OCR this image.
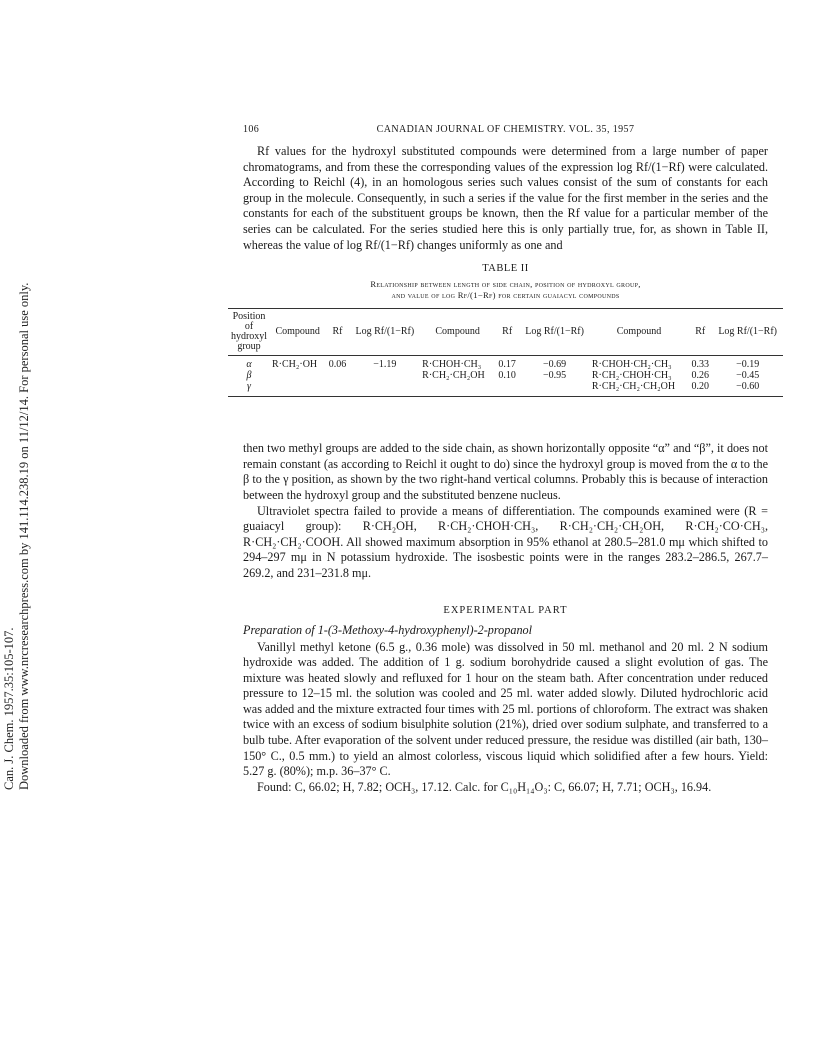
Can. J. Chem. 1957.35:105-107. Downloaded from www.nrcresearchpress.com by 141.114.238.19 on 11/12/14. For personal use only.
106	CANADIAN JOURNAL OF CHEMISTRY. VOL. 35, 1957

Rf values for the hydroxyl substituted compounds were determined from a large number of paper chromatograms, and from these the corresponding values of the expression log Rf/(1−Rf) were calculated. According to Reichl (4), in an homologous series such values consist of the sum of constants for each group in the molecule. Consequently, in such a series if the value for the first member in the series and the constants for each of the substituent groups be known, then the Rf value for a particular member of the series can be calculated. For the series studied here this is only partially true, for, as shown in Table II, whereas the value of log Rf/(1−Rf) changes uniformly as one and

TABLE II
Relationship between length of side chain, position of hydroxyl group,
and value of log Rf/(1−Rf) for certain guaiacyl compounds
Position of hydroxyl group	Compound	Rf	Log Rf/(1−Rf)	Compound	Rf	Log Rf/(1−Rf)	Compound	Rf	Log Rf/(1−Rf)
α	R·CH₂·OH	0.06	−1.19	R·CHOH·CH₃	0.17	−0.69	R·CHOH·CH₂·CH₃	0.33	−0.19
β				R·CH₂·CH₂OH	0.10	−0.95	R·CH₂·CHOH·CH₃	0.26	−0.45
γ							R·CH₂·CH₂·CH₂OH	0.20	−0.60

then two methyl groups are added to the side chain, as shown horizontally opposite “α” and “β”, it does not remain constant (as according to Reichl it ought to do) since the hydroxyl group is moved from the α to the β to the γ position, as shown by the two right-hand vertical columns. Probably this is because of interaction between the hydroxyl group and the substituted benzene nucleus.

Ultraviolet spectra failed to provide a means of differentiation. The compounds examined were (R = guaiacyl group): R·CH₂OH, R·CH₂·CHOH·CH₃, R·CH₂·CH₂·CH₂OH, R·CH₂·CO·CH₃, R·CH₂·CH₂·COOH. All showed maximum absorption in 95% ethanol at 280.5–281.0 mμ which shifted to 294–297 mμ in N potassium hydroxide. The isosbestic points were in the ranges 283.2–286.5, 267.7–269.2, and 231–231.8 mμ.

EXPERIMENTAL PART
Preparation of 1-(3-Methoxy-4-hydroxyphenyl)-2-propanol

Vanillyl methyl ketone (6.5 g., 0.36 mole) was dissolved in 50 ml. methanol and 20 ml. 2 N sodium hydroxide was added. The addition of 1 g. sodium borohydride caused a slight evolution of gas. The mixture was heated slowly and refluxed for 1 hour on the steam bath. After concentration under reduced pressure to 12–15 ml. the solution was cooled and 25 ml. water added slowly. Diluted hydrochloric acid was added and the mixture extracted four times with 25 ml. portions of chloroform. The extract was shaken twice with an excess of sodium bisulphite solution (21%), dried over sodium sulphate, and transferred to a bulb tube. After evaporation of the solvent under reduced pressure, the residue was distilled (air bath, 130–150° C., 0.5 mm.) to yield an almost colorless, viscous liquid which solidified after a few hours. Yield: 5.27 g. (80%); m.p. 36–37° C.

Found: C, 66.02; H, 7.82; OCH₃, 17.12. Calc. for C₁₀H₁₄O₃: C, 66.07; H, 7.71; OCH₃, 16.94.
